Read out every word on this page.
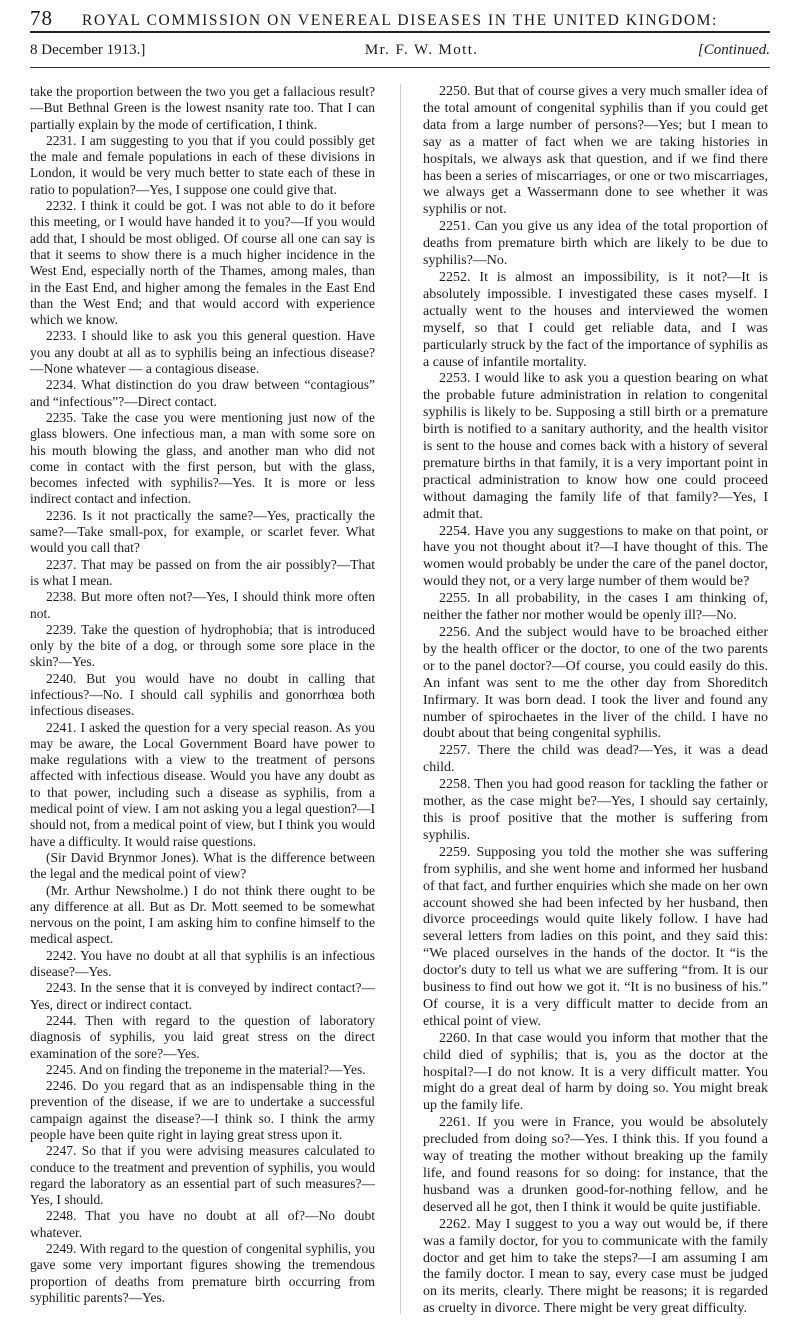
78	ROYAL COMMISSION ON VENEREAL DISEASES IN THE UNITED KINGDOM:
8 December 1913.]	Mr. F. W. Mott.	[Continued.

take the proportion between the two you get a fallacious result?—But Bethnal Green is the lowest nsanity rate too. That I can partially explain by the mode of certification, I think.

2231. I am suggesting to you that if you could possibly get the male and female populations in each of these divisions in London, it would be very much better to state each of these in ratio to population?—Yes, I suppose one could give that.

2232. I think it could be got. I was not able to do it before this meeting, or I would have handed it to you?—If you would add that, I should be most obliged. Of course all one can say is that it seems to show there is a much higher incidence in the West End, especially north of the Thames, among males, than in the East End, and higher among the females in the East End than the West End; and that would accord with experience which we know.

2233. I should like to ask you this general question. Have you any doubt at all as to syphilis being an infectious disease?—None whatever — a contagious disease.

2234. What distinction do you draw between “contagious” and “infectious”?—Direct contact.

2235. Take the case you were mentioning just now of the glass blowers. One infectious man, a man with some sore on his mouth blowing the glass, and another man who did not come in contact with the first person, but with the glass, becomes infected with syphilis?—Yes. It is more or less indirect contact and infection.

2236. Is it not practically the same?—Yes, practically the same?—Take small-pox, for example, or scarlet fever. What would you call that?

2237. That may be passed on from the air possibly?—That is what I mean.

2238. But more often not?—Yes, I should think more often not.

2239. Take the question of hydrophobia; that is introduced only by the bite of a dog, or through some sore place in the skin?—Yes.

2240. But you would have no doubt in calling that infectious?—No. I should call syphilis and gonorrhœa both infectious diseases.

2241. I asked the question for a very special reason. As you may be aware, the Local Government Board have power to make regulations with a view to the treatment of persons affected with infectious disease. Would you have any doubt as to that power, including such a disease as syphilis, from a medical point of view. I am not asking you a legal question?—I should not, from a medical point of view, but I think you would have a difficulty. It would raise questions.

(Sir David Brynmor Jones). What is the difference between the legal and the medical point of view?

(Mr. Arthur Newsholme.) I do not think there ought to be any difference at all. But as Dr. Mott seemed to be somewhat nervous on the point, I am asking him to confine himself to the medical aspect.

2242. You have no doubt at all that syphilis is an infectious disease?—Yes.

2243. In the sense that it is conveyed by indirect contact?—Yes, direct or indirect contact.

2244. Then with regard to the question of laboratory diagnosis of syphilis, you laid great stress on the direct examination of the sore?—Yes.

2245. And on finding the treponeme in the material?—Yes.

2246. Do you regard that as an indispensable thing in the prevention of the disease, if we are to undertake a successful campaign against the disease?—I think so. I think the army people have been quite right in laying great stress upon it.

2247. So that if you were advising measures calculated to conduce to the treatment and prevention of syphilis, you would regard the laboratory as an essential part of such measures?—Yes, I should.

2248. That you have no doubt at all of?—No doubt whatever.

2249. With regard to the question of congenital syphilis, you gave some very important figures showing the tremendous proportion of deaths from premature birth occurring from syphilitic parents?—Yes.

2250. But that of course gives a very much smaller idea of the total amount of congenital syphilis than if you could get data from a large number of persons?—Yes; but I mean to say as a matter of fact when we are taking histories in hospitals, we always ask that question, and if we find there has been a series of miscarriages, or one or two miscarriages, we always get a Wassermann done to see whether it was syphilis or not.

2251. Can you give us any idea of the total proportion of deaths from premature birth which are likely to be due to syphilis?—No.

2252. It is almost an impossibility, is it not?—It is absolutely impossible. I investigated these cases myself. I actually went to the houses and interviewed the women myself, so that I could get reliable data, and I was particularly struck by the fact of the importance of syphilis as a cause of infantile mortality.

2253. I would like to ask you a question bearing on what the probable future administration in relation to congenital syphilis is likely to be. Supposing a still birth or a premature birth is notified to a sanitary authority, and the health visitor is sent to the house and comes back with a history of several premature births in that family, it is a very important point in practical administration to know how one could proceed without damaging the family life of that family?—Yes, I admit that.

2254. Have you any suggestions to make on that point, or have you not thought about it?—I have thought of this. The women would probably be under the care of the panel doctor, would they not, or a very large number of them would be?

2255. In all probability, in the cases I am thinking of, neither the father nor mother would be openly ill?—No.

2256. And the subject would have to be broached either by the health officer or the doctor, to one of the two parents or to the panel doctor?—Of course, you could easily do this. An infant was sent to me the other day from Shoreditch Infirmary. It was born dead. I took the liver and found any number of spirochaetes in the liver of the child. I have no doubt about that being congenital syphilis.

2257. There the child was dead?—Yes, it was a dead child.

2258. Then you had good reason for tackling the father or mother, as the case might be?—Yes, I should say certainly, this is proof positive that the mother is suffering from syphilis.

2259. Supposing you told the mother she was suffering from syphilis, and she went home and informed her husband of that fact, and further enquiries which she made on her own account showed she had been infected by her husband, then divorce proceedings would quite likely follow. I have had several letters from ladies on this point, and they said this: “We placed ourselves in the hands of the doctor. It “is the doctor's duty to tell us what we are suffering “from. It is our business to find out how we got it. “It is no business of his.” Of course, it is a very difficult matter to decide from an ethical point of view.

2260. In that case would you inform that mother that the child died of syphilis; that is, you as the doctor at the hospital?—I do not know. It is a very difficult matter. You might do a great deal of harm by doing so. You might break up the family life.

2261. If you were in France, you would be absolutely precluded from doing so?—Yes. I think this. If you found a way of treating the mother without breaking up the family life, and found reasons for so doing: for instance, that the husband was a drunken good-for-nothing fellow, and he deserved all he got, then I think it would be quite justifiable.

2262. May I suggest to you a way out would be, if there was a family doctor, for you to communicate with the family doctor and get him to take the steps?—I am assuming I am the family doctor. I mean to say, every case must be judged on its merits, clearly. There might be reasons; it is regarded as cruelty in divorce. There might be very great difficulty.
